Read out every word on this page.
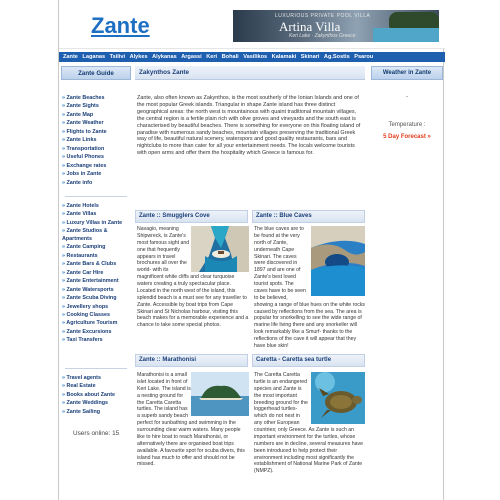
Zante	LUXURIOUS PRIVATE POOL VILLA
Artina Villa
Keri Lake · Zakynthos Greece
Zante Laganas Tsilivi Alykes Alykanas Argassi Keri Bohali Vasilikos Kalamaki Skinari Ag.Sostis Psarou
Zante Guide
» Zante Beaches
» Zante Sights
» Zante Map
» Zante Weather
» Flights to Zante
» Zante Links
» Transportation
» Useful Phones
» Exchange rates
» Jobs in Zante
» Zante info
» Zante Hotels
» Zante Villas
» Luxury Villas in Zante
» Zante Studios & Apartments
» Zante Camping
» Restaurants
» Zante Bars & Clubs
» Zante Car Hire
» Zante Entertainment
» Zante Watersports
» Zante Scuba Diving
» Jewellery shops
» Cooking Classes
» Agriculture Tourism
» Zante Excursions
» Taxi Transfers
» Travel agents
» Real Estate
» Books about Zante
» Zante Weddings
» Zante Sailing
Users online: 15
Zakynthos Zante
Zante, also often known as Zakynthos, is the most southerly of the Ionian Islands and one of the most popular Greek islands. Triangular in shape Zante island has three distinct geographical areas: the north west is mountainous with quaint traditional mountain villages, the central region is a fertile plain rich with olive groves and vineyards and the south east is characterised by beautiful beaches. There is something for everyone on this floating island of paradise with numerous sandy beaches, mountain villages preserving the traditional Greek way of life, beautiful natural scenery, waterspors and good quality restaurants, bars and nightclubs to more than cater for all your entertainment needs. The locals welcome tourists with open arms and offer them the hospitality which Greece is famous for.
Zante :: Smugglers Cove
Navagio, meaning Shipwreck, is Zante's most famous sight and one that frequently appears in travel brochures all over the world- with its magnificent white cliffs and clear turquoise waters creating a truly spectacular place. Located in the north west of the island, this splendid beach is a must see for any traveller to Zante. Accessible by boat trips from Cape Skinari and St Nicholas harbour, visiting this beach makes for a memorable experience and a chance to take some special photos.
Zante :: Blue Caves
The blue caves are to be found at the very north of Zante, underneath Cape Skinari. The caves were discovered in 1897 and are one of Zante's best loved tourist spots. The caves have to be seen to be believed, showing a range of blue hues on the white rocks caused by reflections from the sea. The area is popular for snorkelling to see the wide range of marine life living there and any snorkeller will look remarkably like a Smurf- thanks to the reflections of the cave it will appear that they have blue skin!
Zante :: Marathonisi
Marathonisi is a small islet located in front of Keri Lake. The island is a nesting ground for the Caretta Caretta turtles. The island has a superb sandy beach perfect for sunbathing and swimming in the surrounding clear warm waters. Many people like to hire boat to reach Marathonisi, or alternatively there are organised boat trips available. A favourite spot for scuba divers, this island has much to offer and should not be missed.
Caretta - Caretta sea turtle
The Caretta Caretta turtle is an endangered species and Zante is the most important breeding ground for the loggerhead turtles- which do not nest in any other European countries; only Greece. As Zante is such an important environment for the turtles, whose numbers are in decline, several measures have been introduced to help protect their environment including most significantly the establishment of National Marine Park of Zante (NMPZ).
Weather in Zante
-
Temperature :
5 Day Forecast »
